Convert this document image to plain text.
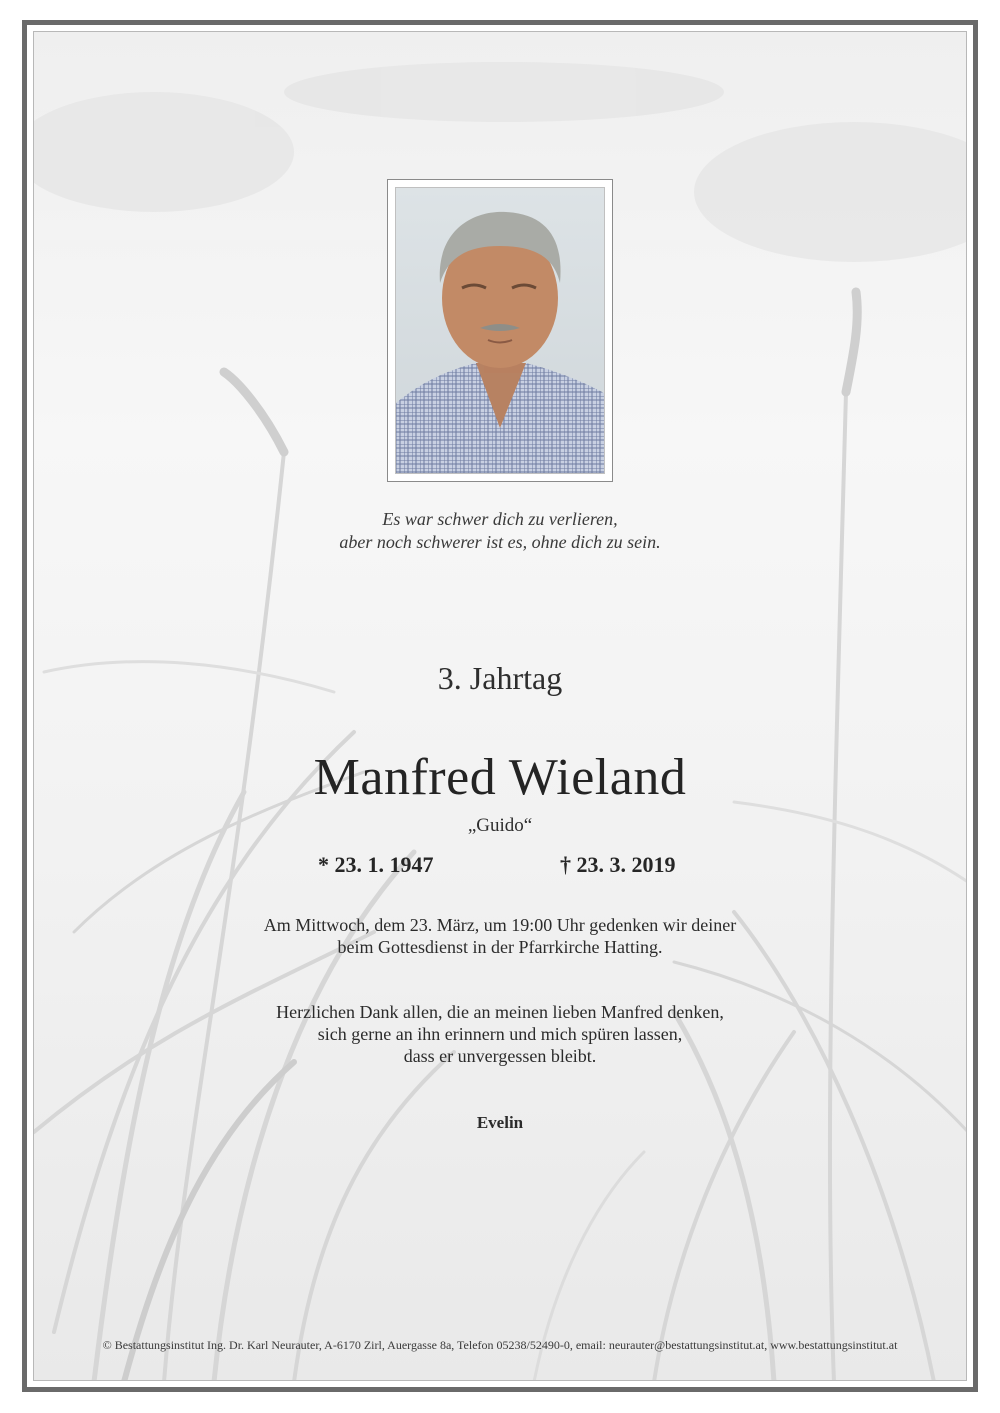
Es war schwer dich zu verlieren,
aber noch schwerer ist es, ohne dich zu sein.
3. Jahrtag
Manfred Wieland
„Guido“
* 23. 1. 1947	† 23. 3. 2019
Am Mittwoch, dem 23. März, um 19:00 Uhr gedenken wir deiner
beim Gottesdienst in der Pfarrkirche Hatting.
Herzlichen Dank allen, die an meinen lieben Manfred denken,
sich gerne an ihn erinnern und mich spüren lassen,
dass er unvergessen bleibt.
Evelin
© Bestattungsinstitut Ing. Dr. Karl Neurauter, A-6170 Zirl, Auergasse 8a, Telefon 05238/52490-0, email: neurauter@bestattungsinstitut.at, www.bestattungsinstitut.at
